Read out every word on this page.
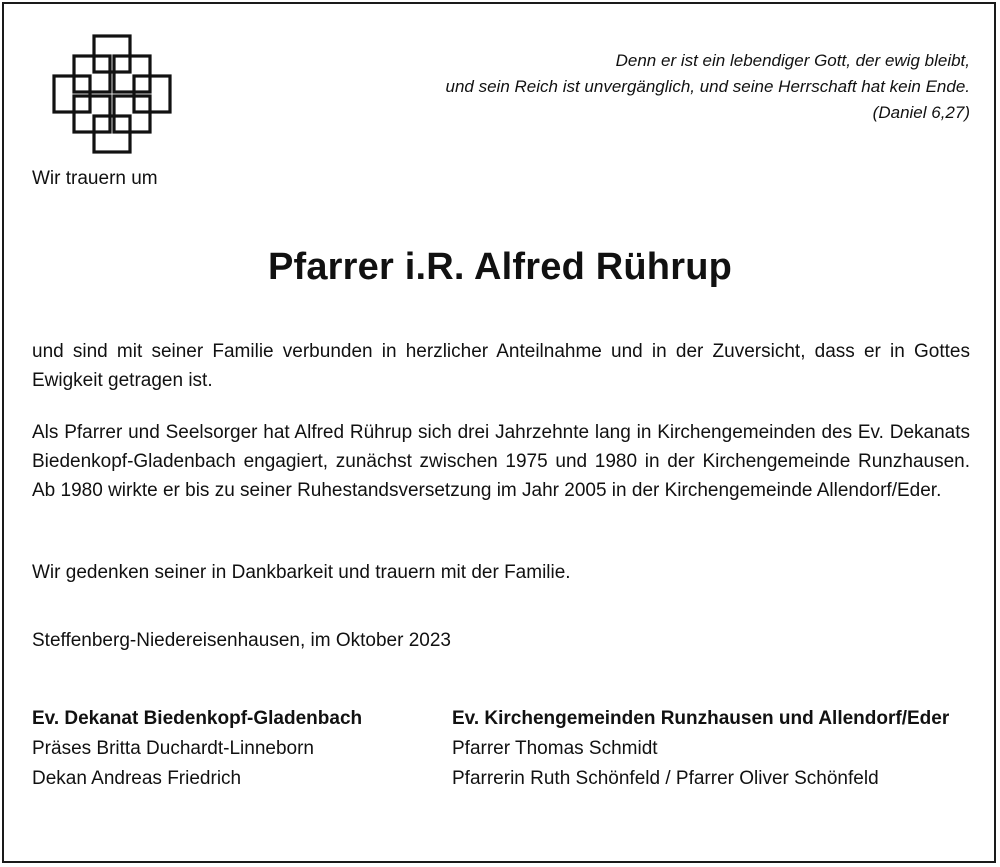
Wir trauern um
Denn er ist ein lebendiger Gott, der ewig bleibt,
und sein Reich ist unvergänglich, und seine Herrschaft hat kein Ende.
(Daniel 6,27)
Pfarrer i.R. Alfred Rührup
und sind mit seiner Familie verbunden in herzlicher Anteilnahme und in der Zuversicht, dass er in Gottes Ewigkeit getragen ist.
Als Pfarrer und Seelsorger hat Alfred Rührup sich drei Jahrzehnte lang in Kirchengemeinden des Ev. Dekanats Biedenkopf-Gladenbach engagiert, zunächst zwischen 1975 und 1980 in der Kirchengemeinde Runzhausen. Ab 1980 wirkte er bis zu seiner Ruhestandsversetzung im Jahr 2005 in der Kirchengemeinde Allendorf/Eder.
Wir gedenken seiner in Dankbarkeit und trauern mit der Familie.
Steffenberg-Niedereisenhausen, im Oktober 2023
Ev. Dekanat Biedenkopf-Gladenbach
Präses Britta Duchardt-Linneborn
Dekan Andreas Friedrich
Ev. Kirchengemeinden Runzhausen und Allendorf/Eder
Pfarrer Thomas Schmidt
Pfarrerin Ruth Schönfeld / Pfarrer Oliver Schönfeld
